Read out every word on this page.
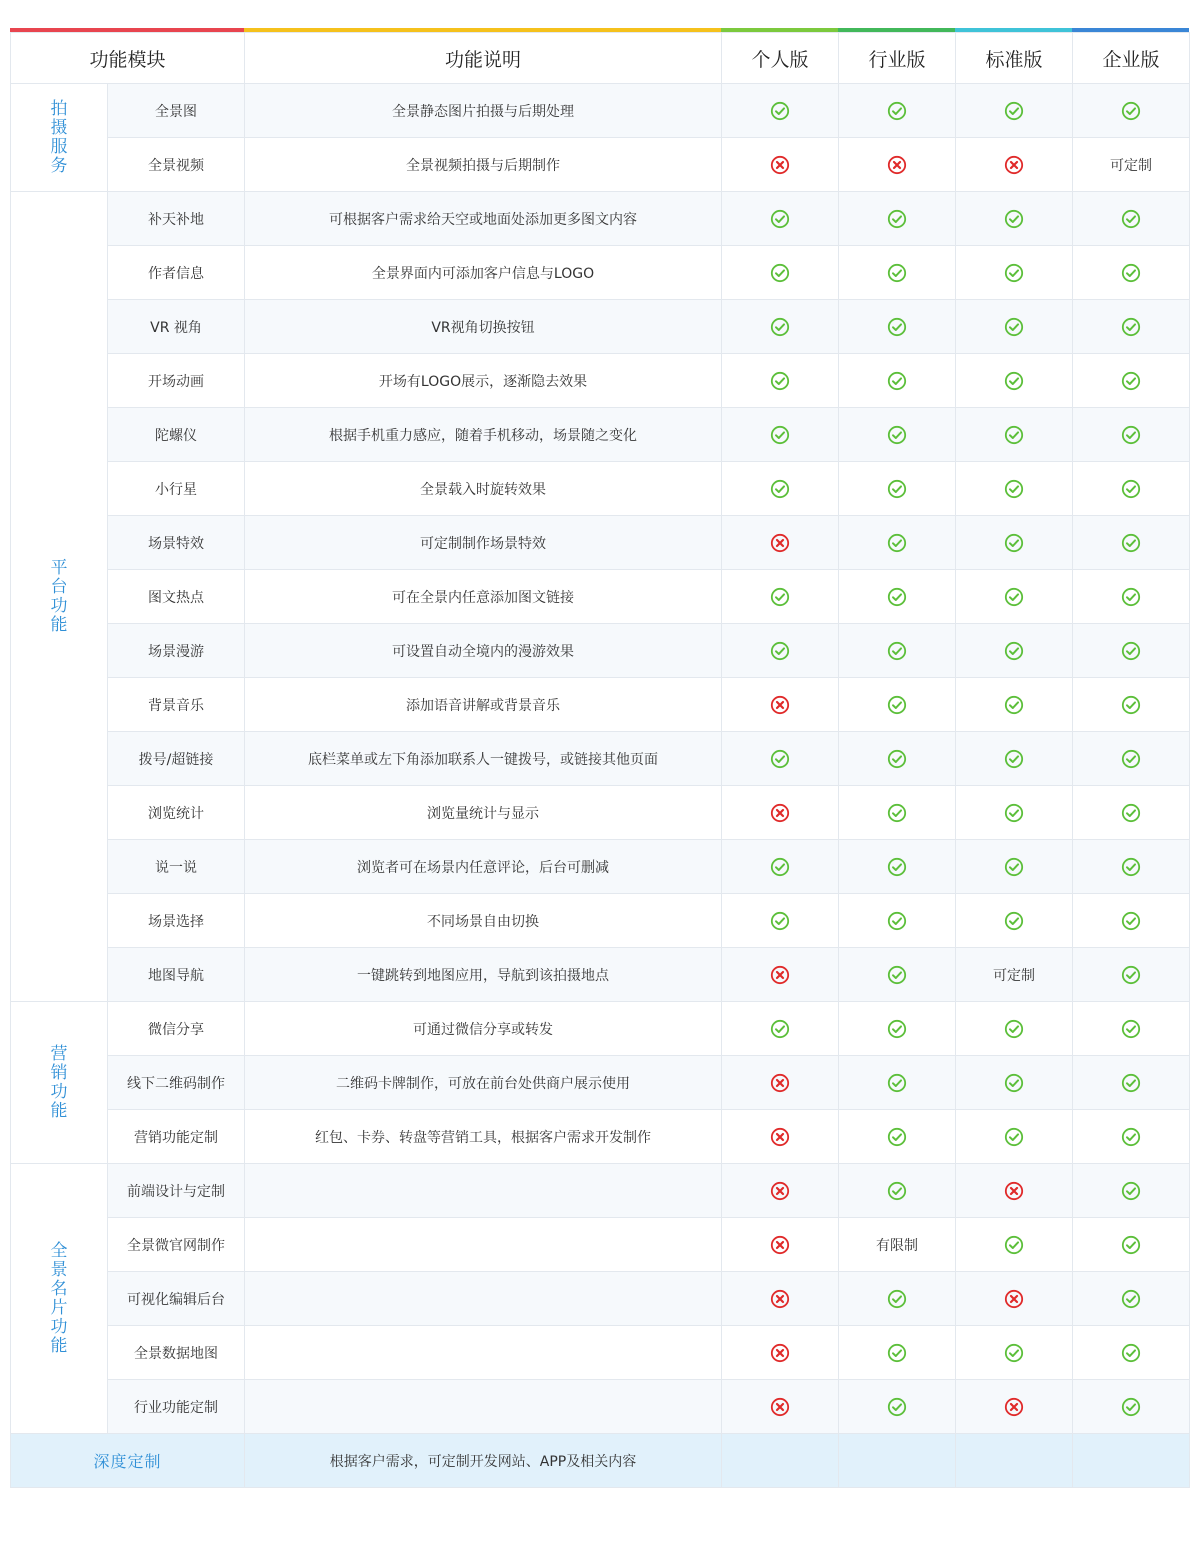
功能模块		功能说明	个人版	行业版	标准版	企业版
拍摄服务	全景图	全景静态图片拍摄与后期处理	

	全景视频	全景视频拍摄与后期制作				可定制
平台功能	补天补地	可根据客户需求给天空或地面处添加更多图文内容	

	作者信息	全景界面内可添加客户信息与LOGO	

	VR 视角	VR视角切换按钮	

	开场动画	开场有LOGO展示，逐渐隐去效果	

	陀螺仪	根据手机重力感应，随着手机移动，场景随之变化	

	小行星	全景载入时旋转效果	

	场景特效	可定制制作场景特效	

	图文热点	可在全景内任意添加图文链接	

	场景漫游	可设置自动全境内的漫游效果	

	背景音乐	添加语音讲解或背景音乐	

	拨号/超链接	底栏菜单或左下角添加联系人一键拨号，或链接其他页面	

	浏览统计	浏览量统计与显示	

	说一说	浏览者可在场景内任意评论，后台可删减	

	场景选择	不同场景自由切换	

	地图导航	一键跳转到地图应用，导航到该拍摄地点			可定制	

营销功能	微信分享	可通过微信分享或转发	

	线下二维码制作	二维码卡牌制作，可放在前台处供商户展示使用	

	营销功能定制	红包、卡券、转盘等营销工具，根据客户需求开发制作	

全景名片功能	前端设计与定制		

	全景微官网制作			有限制	

	可视化编辑后台		

	全景数据地图		

	行业功能定制		

深度定制		根据客户需求，可定制开发网站、APP及相关内容				
